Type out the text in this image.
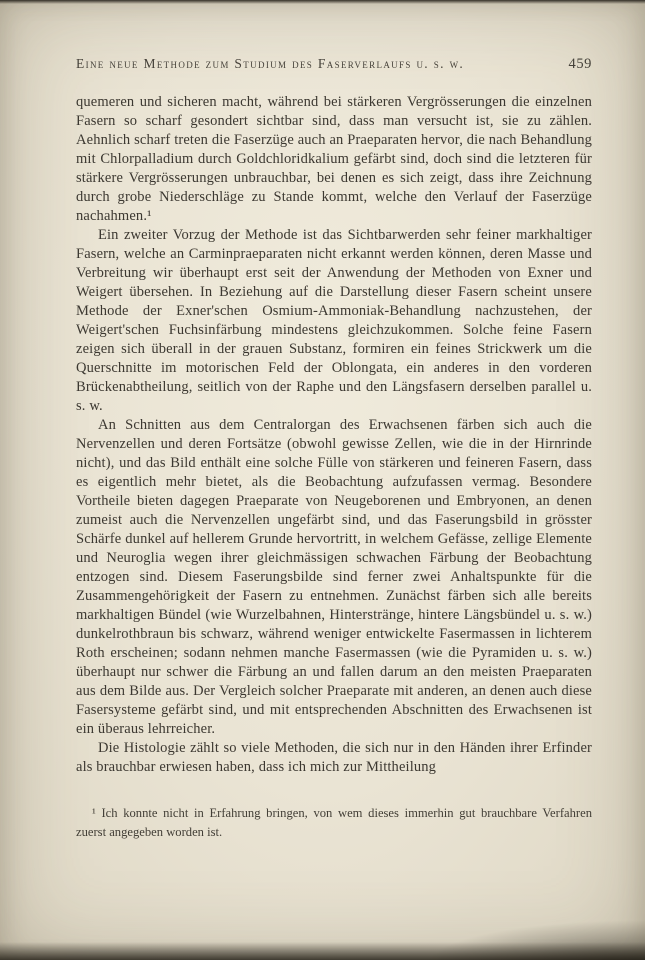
Eine neue Methode zum Studium des Faserverlaufs u. s. w.	459

quemeren und sicheren macht, während bei stärkeren Vergrösserungen die einzelnen Fasern so scharf gesondert sichtbar sind, dass man versucht ist, sie zu zählen. Aehnlich scharf treten die Faserzüge auch an Praeparaten hervor, die nach Behandlung mit Chlorpalladium durch Goldchloridkalium gefärbt sind, doch sind die letzteren für stärkere Vergrösserungen unbrauchbar, bei denen es sich zeigt, dass ihre Zeichnung durch grobe Niederschläge zu Stande kommt, welche den Verlauf der Faserzüge nachahmen.¹

Ein zweiter Vorzug der Methode ist das Sichtbarwerden sehr feiner markhaltiger Fasern, welche an Carminpraeparaten nicht erkannt werden können, deren Masse und Verbreitung wir überhaupt erst seit der Anwendung der Methoden von Exner und Weigert übersehen. In Beziehung auf die Darstellung dieser Fasern scheint unsere Methode der Exner'schen Osmium-Ammoniak-Behandlung nachzustehen, der Weigert'schen Fuchsinfärbung mindestens gleichzukommen. Solche feine Fasern zeigen sich überall in der grauen Substanz, formiren ein feines Strickwerk um die Querschnitte im motorischen Feld der Oblongata, ein anderes in den vorderen Brückenabtheilung, seitlich von der Raphe und den Längsfasern derselben parallel u. s. w.

An Schnitten aus dem Centralorgan des Erwachsenen färben sich auch die Nervenzellen und deren Fortsätze (obwohl gewisse Zellen, wie die in der Hirnrinde nicht), und das Bild enthält eine solche Fülle von stärkeren und feineren Fasern, dass es eigentlich mehr bietet, als die Beobachtung aufzufassen vermag. Besondere Vortheile bieten dagegen Praeparate von Neugeborenen und Embryonen, an denen zumeist auch die Nervenzellen ungefärbt sind, und das Faserungsbild in grösster Schärfe dunkel auf hellerem Grunde hervortritt, in welchem Gefässe, zellige Elemente und Neuroglia wegen ihrer gleichmässigen schwachen Färbung der Beobachtung entzogen sind. Diesem Faserungsbilde sind ferner zwei Anhaltspunkte für die Zusammengehörigkeit der Fasern zu entnehmen. Zunächst färben sich alle bereits markhaltigen Bündel (wie Wurzelbahnen, Hinterstränge, hintere Längsbündel u. s. w.) dunkelrothbraun bis schwarz, während weniger entwickelte Fasermassen in lichterem Roth erscheinen; sodann nehmen manche Fasermassen (wie die Pyramiden u. s. w.) überhaupt nur schwer die Färbung an und fallen darum an den meisten Praeparaten aus dem Bilde aus. Der Vergleich solcher Praeparate mit anderen, an denen auch diese Fasersysteme gefärbt sind, und mit entsprechenden Abschnitten des Erwachsenen ist ein überaus lehrreicher.

Die Histologie zählt so viele Methoden, die sich nur in den Händen ihrer Erfinder als brauchbar erwiesen haben, dass ich mich zur Mittheilung

¹ Ich konnte nicht in Erfahrung bringen, von wem dieses immerhin gut brauchbare Verfahren zuerst angegeben worden ist.
